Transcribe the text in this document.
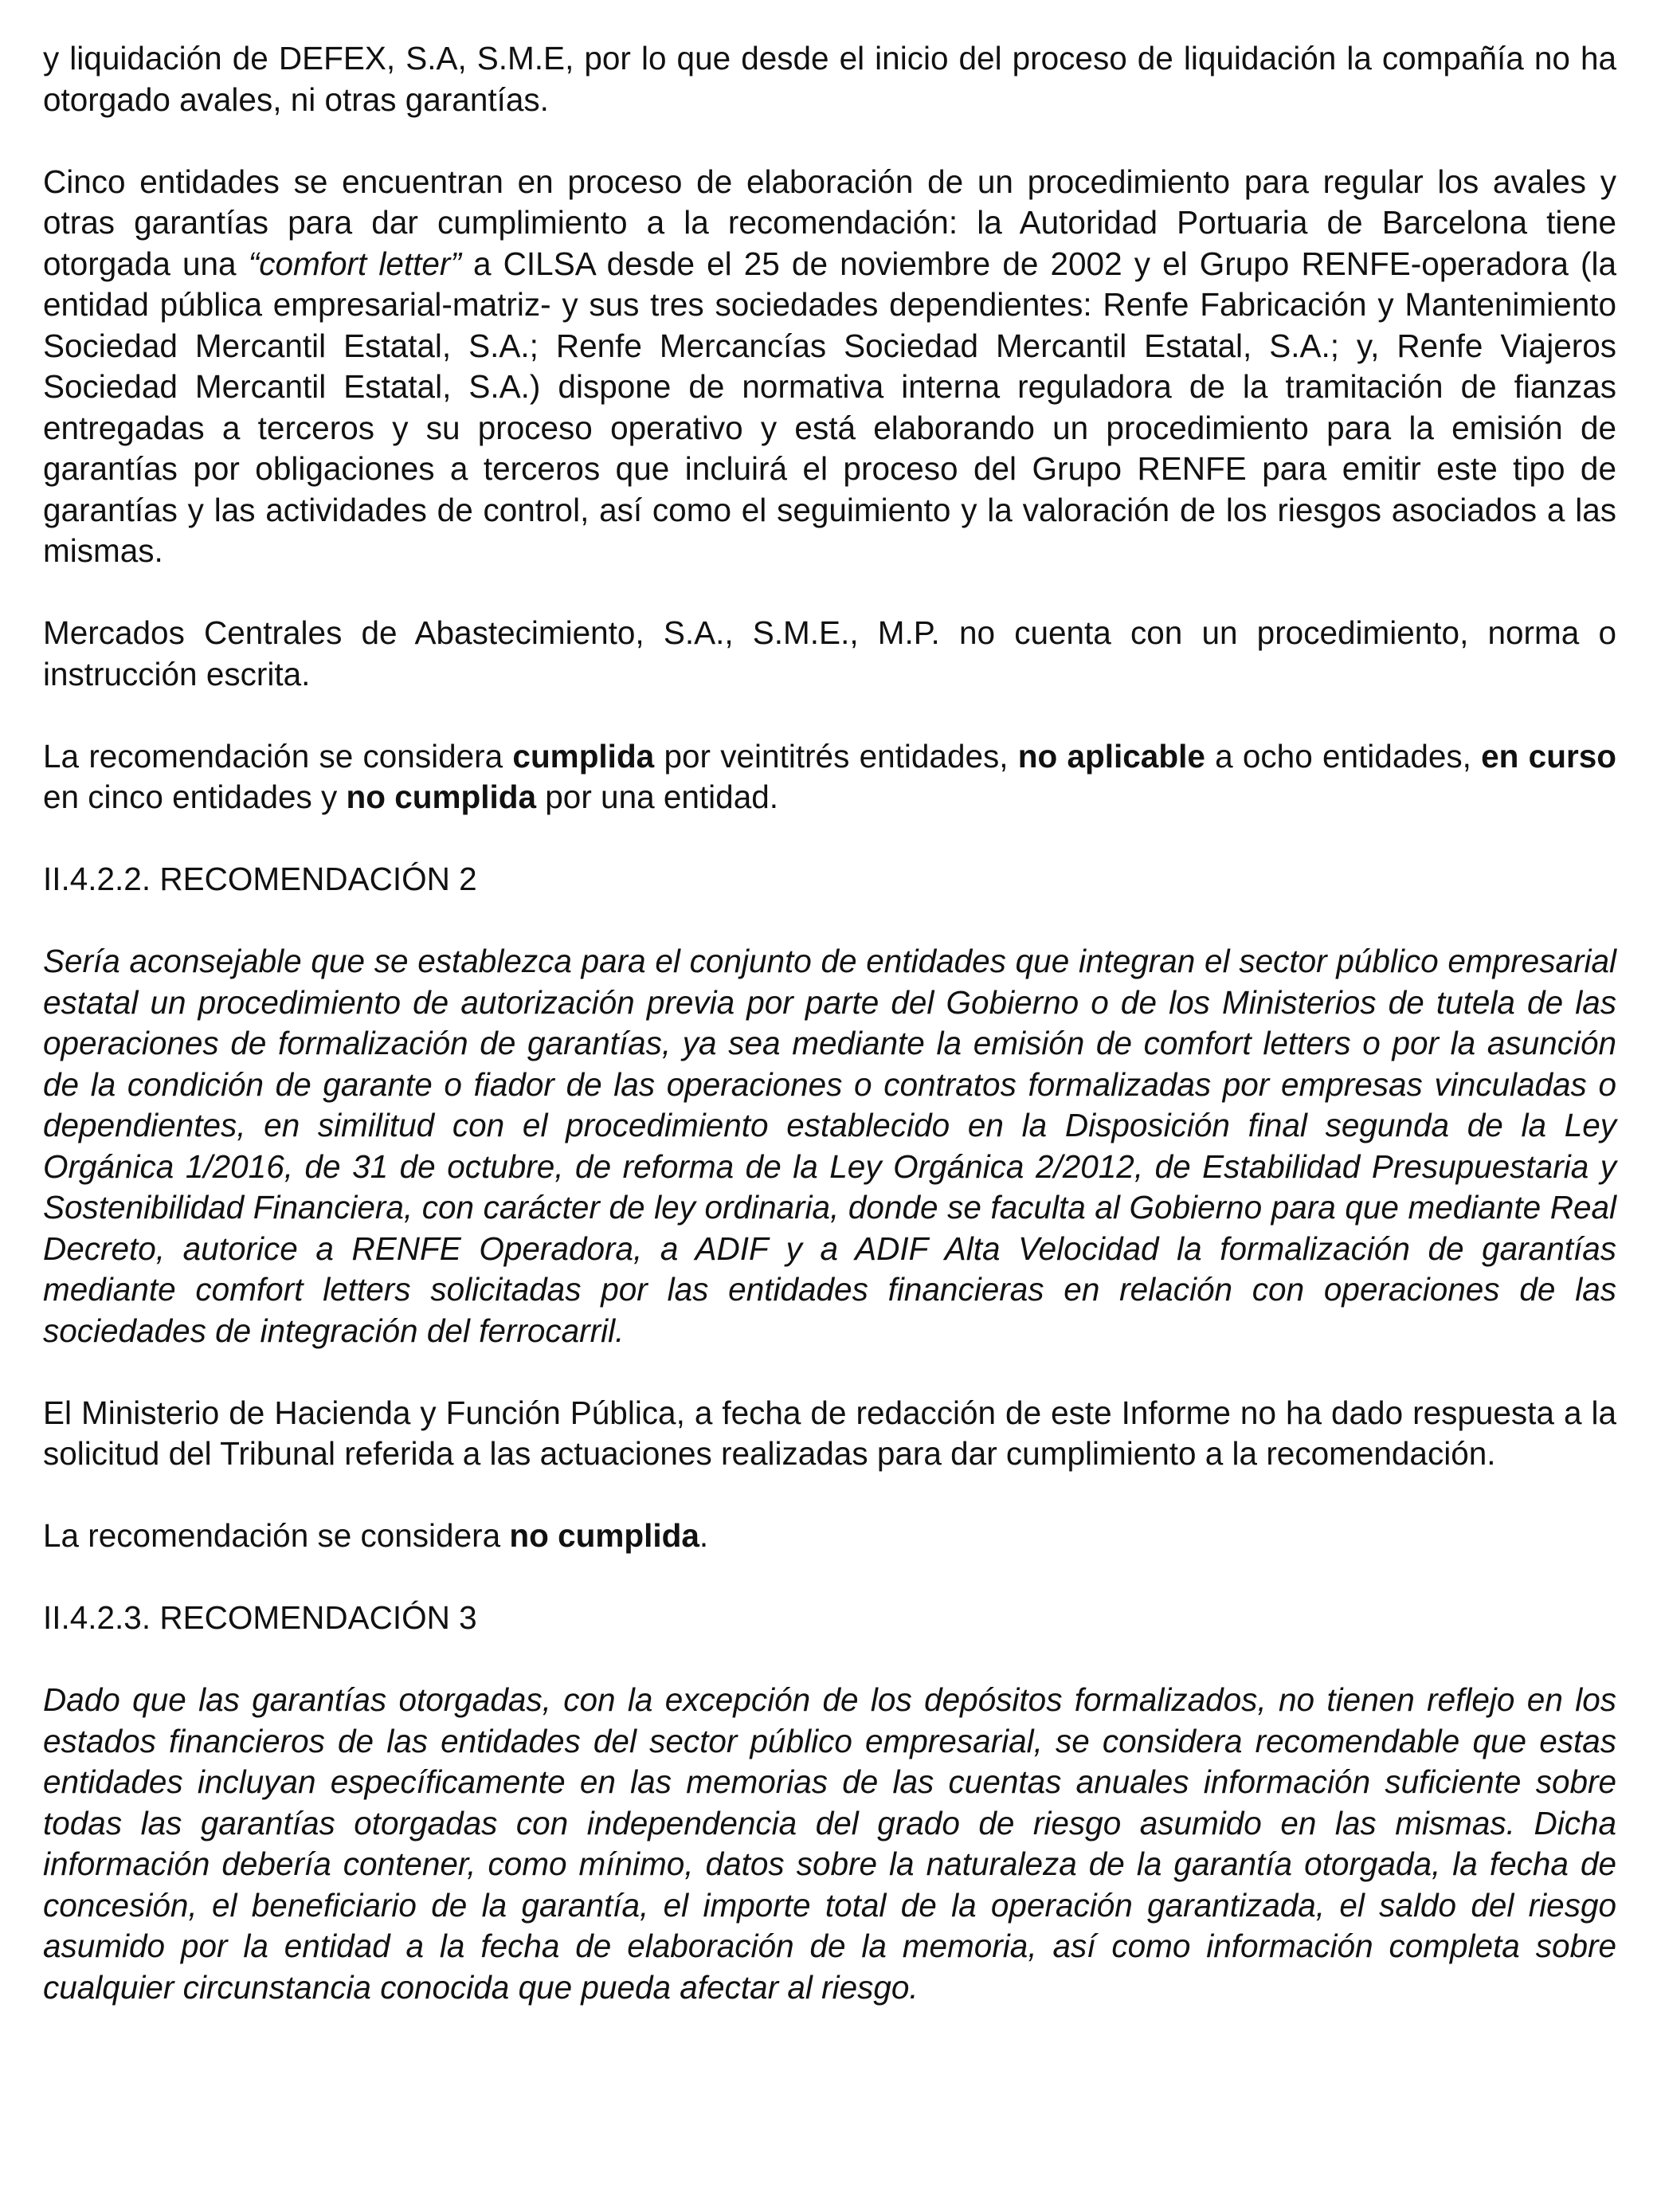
y liquidación de DEFEX, S.A, S.M.E, por lo que desde el inicio del proceso de liquidación la compañía no ha otorgado avales, ni otras garantías.

Cinco entidades se encuentran en proceso de elaboración de un procedimiento para regular los avales y otras garantías para dar cumplimiento a la recomendación: la Autoridad Portuaria de Barcelona tiene otorgada una “comfort letter” a CILSA desde el 25 de noviembre de 2002 y el Grupo RENFE-operadora (la entidad pública empresarial-matriz- y sus tres sociedades dependientes: Renfe Fabricación y Mantenimiento Sociedad Mercantil Estatal, S.A.; Renfe Mercancías Sociedad Mercantil Estatal, S.A.; y, Renfe Viajeros Sociedad Mercantil Estatal, S.A.) dispone de normativa interna reguladora de la tramitación de fianzas entregadas a terceros y su proceso operativo y está elaborando un procedimiento para la emisión de garantías por obligaciones a terceros que incluirá el proceso del Grupo RENFE para emitir este tipo de garantías y las actividades de control, así como el seguimiento y la valoración de los riesgos asociados a las mismas.

Mercados Centrales de Abastecimiento, S.A., S.M.E., M.P. no cuenta con un procedimiento, norma o instrucción escrita.

La recomendación se considera cumplida por veintitrés entidades, no aplicable a ocho entidades, en curso en cinco entidades y no cumplida por una entidad.

II.4.2.2. RECOMENDACIÓN 2

Sería aconsejable que se establezca para el conjunto de entidades que integran el sector público empresarial estatal un procedimiento de autorización previa por parte del Gobierno o de los Ministerios de tutela de las operaciones de formalización de garantías, ya sea mediante la emisión de comfort letters o por la asunción de la condición de garante o fiador de las operaciones o contratos formalizadas por empresas vinculadas o dependientes, en similitud con el procedimiento establecido en la Disposición final segunda de la Ley Orgánica 1/2016, de 31 de octubre, de reforma de la Ley Orgánica 2/2012, de Estabilidad Presupuestaria y Sostenibilidad Financiera, con carácter de ley ordinaria, donde se faculta al Gobierno para que mediante Real Decreto, autorice a RENFE Operadora, a ADIF y a ADIF Alta Velocidad la formalización de garantías mediante comfort letters solicitadas por las entidades financieras en relación con operaciones de las sociedades de integración del ferrocarril.

El Ministerio de Hacienda y Función Pública, a fecha de redacción de este Informe no ha dado respuesta a la solicitud del Tribunal referida a las actuaciones realizadas para dar cumplimiento a la recomendación.

La recomendación se considera no cumplida.

II.4.2.3. RECOMENDACIÓN 3

Dado que las garantías otorgadas, con la excepción de los depósitos formalizados, no tienen reflejo en los estados financieros de las entidades del sector público empresarial, se considera recomendable que estas entidades incluyan específicamente en las memorias de las cuentas anuales información suficiente sobre todas las garantías otorgadas con independencia del grado de riesgo asumido en las mismas. Dicha información debería contener, como mínimo, datos sobre la naturaleza de la garantía otorgada, la fecha de concesión, el beneficiario de la garantía, el importe total de la operación garantizada, el saldo del riesgo asumido por la entidad a la fecha de elaboración de la memoria, así como información completa sobre cualquier circunstancia conocida que pueda afectar al riesgo.
